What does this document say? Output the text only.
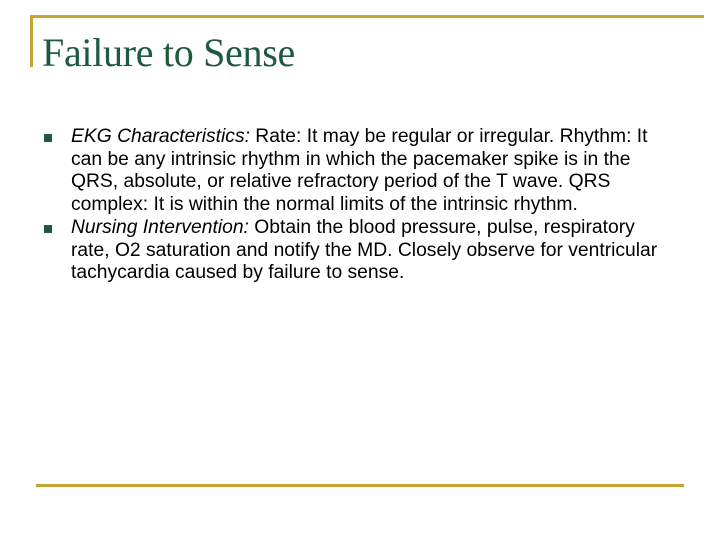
Failure to Sense
EKG Characteristics: Rate: It may be regular or irregular. Rhythm: It can be any intrinsic rhythm in which the pacemaker spike is in the QRS, absolute, or relative refractory period of the T wave. QRS complex: It is within the normal limits of the intrinsic rhythm.
Nursing Intervention: Obtain the blood pressure, pulse, respiratory rate, O2 saturation and notify the MD. Closely observe for ventricular tachycardia caused by failure to sense.
